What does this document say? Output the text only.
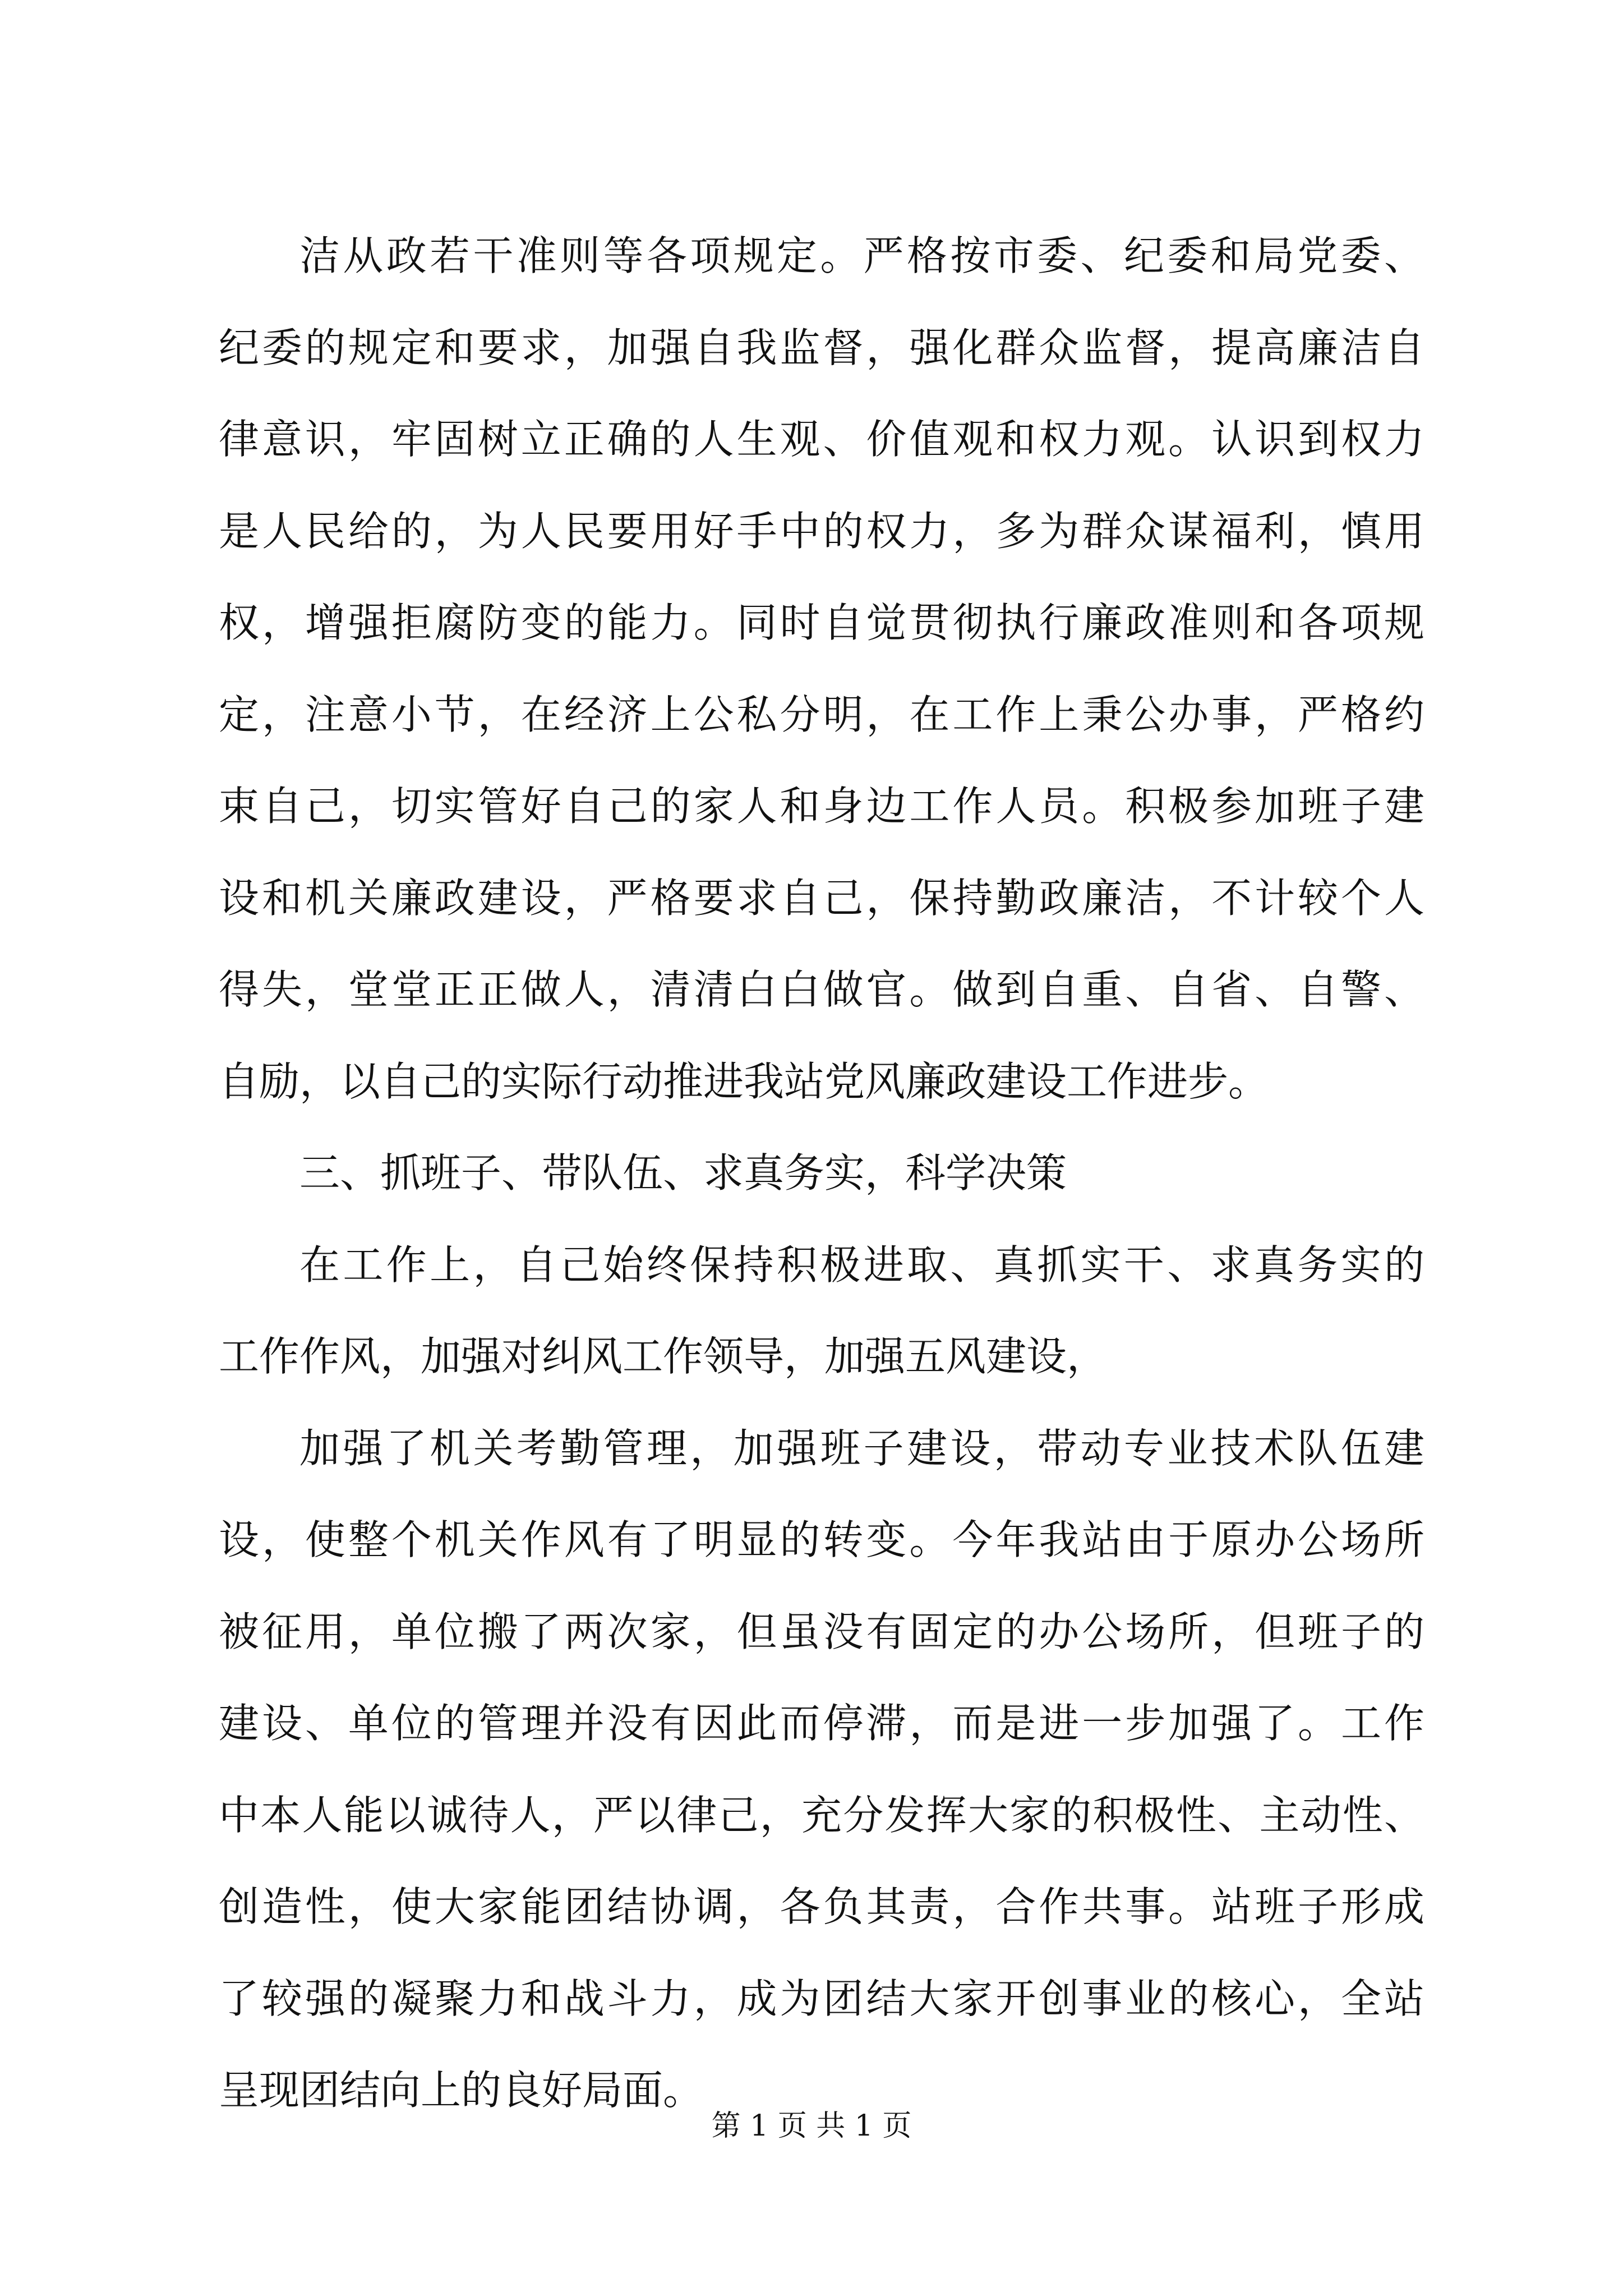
洁从政若干准则等各项规定。严格按市委、纪委和局党委、
纪委的规定和要求，加强自我监督，强化群众监督，提高廉洁自
律意识，牢固树立正确的人生观、价值观和权力观。认识到权力
是人民给的，为人民要用好手中的权力，多为群众谋福利，慎用
权，增强拒腐防变的能力。同时自觉贯彻执行廉政准则和各项规
定，注意小节，在经济上公私分明，在工作上秉公办事，严格约
束自己，切实管好自己的家人和身边工作人员。积极参加班子建
设和机关廉政建设，严格要求自己，保持勤政廉洁，不计较个人
得失，堂堂正正做人，清清白白做官。做到自重、自省、自警、
自励，以自己的实际行动推进我站党风廉政建设工作进步。
三、抓班子、带队伍、求真务实，科学决策
在工作上，自己始终保持积极进取、真抓实干、求真务实的
工作作风，加强对纠风工作领导，加强五风建设，
加强了机关考勤管理，加强班子建设，带动专业技术队伍建
设，使整个机关作风有了明显的转变。今年我站由于原办公场所
被征用，单位搬了两次家，但虽没有固定的办公场所，但班子的
建设、单位的管理并没有因此而停滞，而是进一步加强了。工作
中本人能以诚待人，严以律己，充分发挥大家的积极性、主动性、
创造性，使大家能团结协调，各负其责，合作共事。站班子形成
了较强的凝聚力和战斗力，成为团结大家开创事业的核心，全站
呈现团结向上的良好局面。
第 1 页 共 1 页
